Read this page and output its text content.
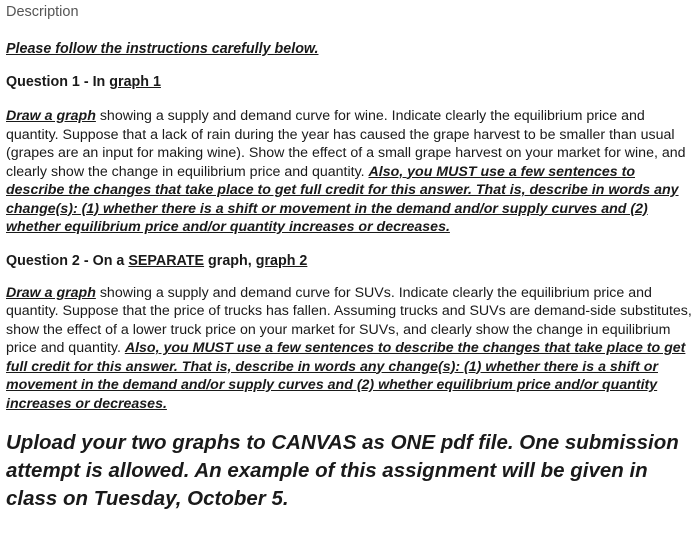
Description
Please follow the instructions carefully below.
Question 1 - In graph 1
Draw a graph showing a supply and demand curve for wine. Indicate clearly the equilibrium price and quantity. Suppose that a lack of rain during the year has caused the grape harvest to be smaller than usual (grapes are an input for making wine). Show the effect of a small grape harvest on your market for wine, and clearly show the change in equilibrium price and quantity. Also, you MUST use a few sentences to describe the changes that take place to get full credit for this answer. That is, describe in words any change(s): (1) whether there is a shift or movement in the demand and/or supply curves and (2) whether equilibrium price and/or quantity increases or decreases.
Question 2 - On a SEPARATE graph, graph 2
Draw a graph showing a supply and demand curve for SUVs. Indicate clearly the equilibrium price and quantity. Suppose that the price of trucks has fallen. Assuming trucks and SUVs are demand-side substitutes, show the effect of a lower truck price on your market for SUVs, and clearly show the change in equilibrium price and quantity. Also, you MUST use a few sentences to describe the changes that take place to get full credit for this answer. That is, describe in words any change(s): (1) whether there is a shift or movement in the demand and/or supply curves and (2) whether equilibrium price and/or quantity increases or decreases.
Upload your two graphs to CANVAS as ONE pdf file. One submission attempt is allowed. An example of this assignment will be given in class on Tuesday, October 5.
